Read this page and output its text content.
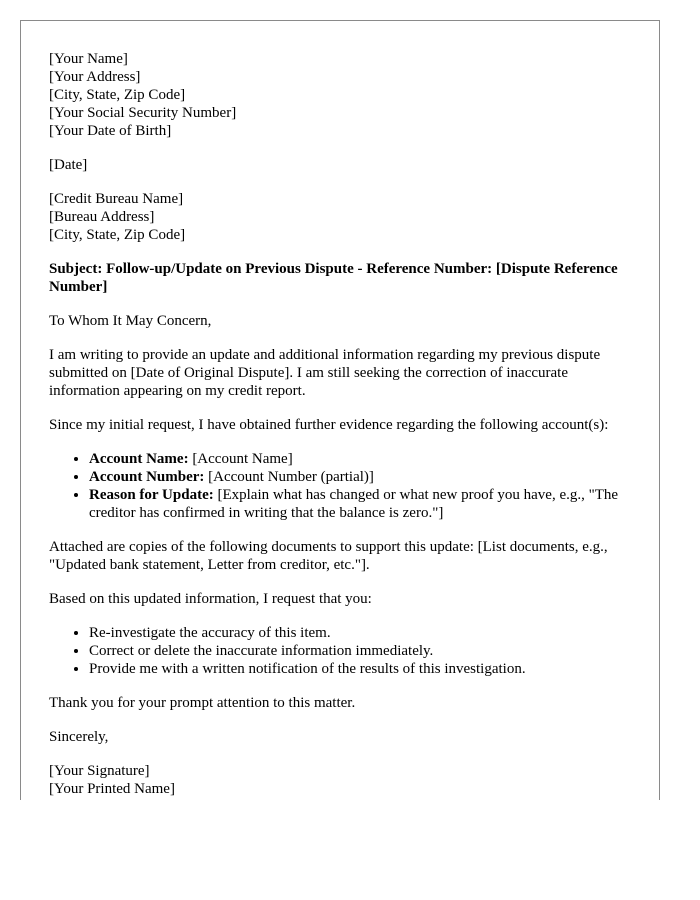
[Your Name]
[Your Address]
[City, State, Zip Code]
[Your Social Security Number]
[Your Date of Birth]
[Date]
[Credit Bureau Name]
[Bureau Address]
[City, State, Zip Code]

Subject: Follow-up/Update on Previous Dispute - Reference Number: [Dispute Reference Number]

To Whom It May Concern,

I am writing to provide an update and additional information regarding my previous dispute submitted on [Date of Original Dispute]. I am still seeking the correction of inaccurate information appearing on my credit report.

Since my initial request, I have obtained further evidence regarding the following account(s):

• Account Name: [Account Name]
• Account Number: [Account Number (partial)]
• Reason for Update: [Explain what has changed or what new proof you have, e.g., "The creditor has confirmed in writing that the balance is zero."]

Attached are copies of the following documents to support this update: [List documents, e.g., "Updated bank statement, Letter from creditor, etc."].

Based on this updated information, I request that you:

• Re-investigate the accuracy of this item.
• Correct or delete the inaccurate information immediately.
• Provide me with a written notification of the results of this investigation.

Thank you for your prompt attention to this matter.

Sincerely,

[Your Signature]
[Your Printed Name]
